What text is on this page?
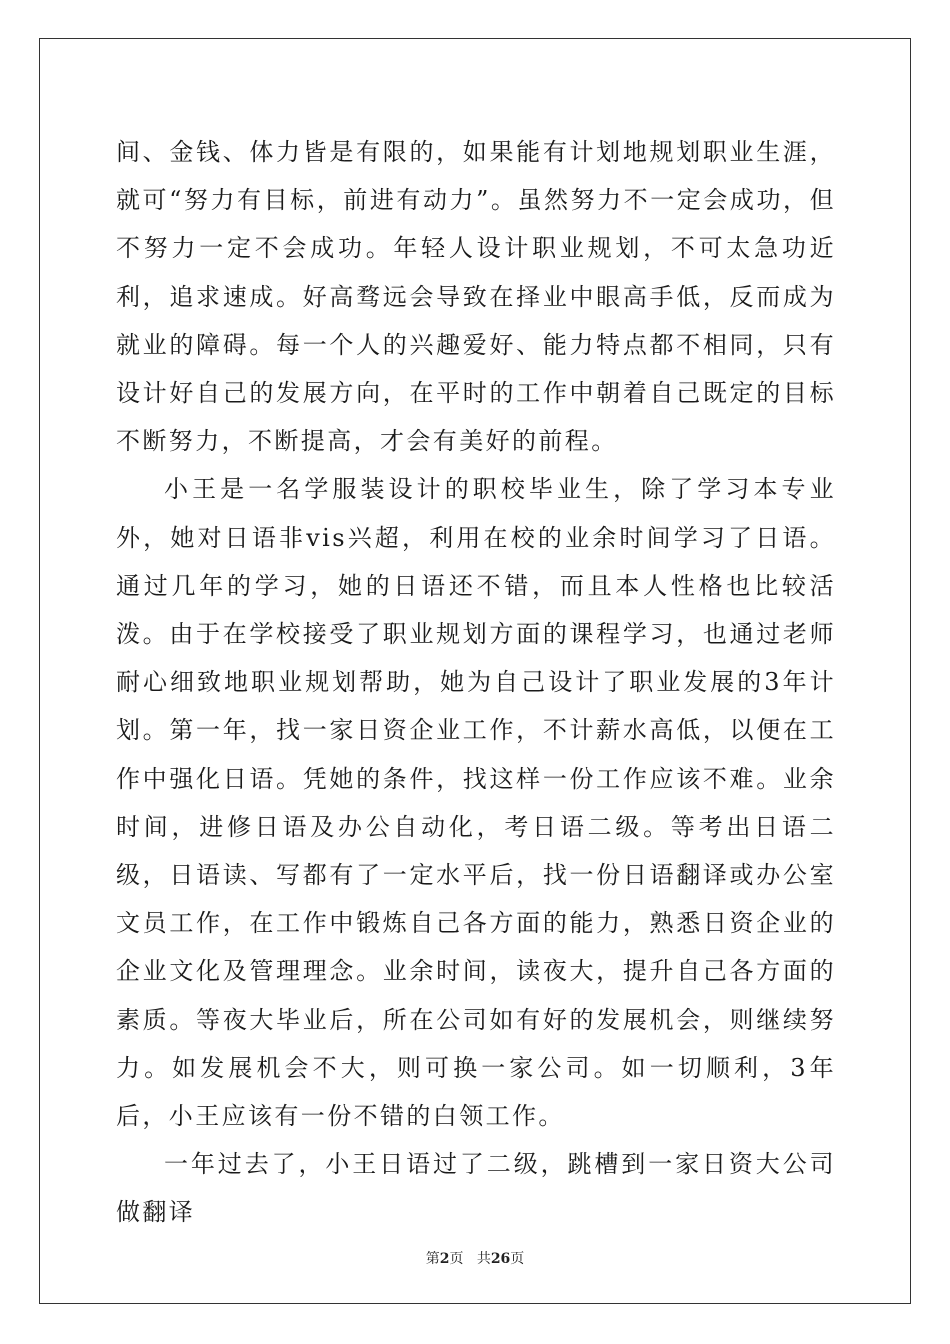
间、金钱、体力皆是有限的，如果能有计划地规划职业生涯，就可“努力有目标，前进有动力”。虽然努力不一定会成功，但不努力一定不会成功。年轻人设计职业规划，不可太急功近利，追求速成。好高骛远会导致在择业中眼高手低，反而成为就业的障碍。每一个人的兴趣爱好、能力特点都不相同，只有设计好自己的发展方向，在平时的工作中朝着自己既定的目标不断努力，不断提高，才会有美好的前程。

小王是一名学服装设计的职校毕业生，除了学习本专业外，她对日语非vis兴超，利用在校的业余时间学习了日语。通过几年的学习，她的日语还不错，而且本人性格也比较活泼。由于在学校接受了职业规划方面的课程学习，也通过老师耐心细致地职业规划帮助，她为自己设计了职业发展的3年计划。第一年，找一家日资企业工作，不计薪水高低，以便在工作中强化日语。凭她的条件，找这样一份工作应该不难。业余时间，进修日语及办公自动化，考日语二级。等考出日语二级，日语读、写都有了一定水平后，找一份日语翻译或办公室文员工作，在工作中锻炼自己各方面的能力，熟悉日资企业的企业文化及管理理念。业余时间，读夜大，提升自己各方面的素质。等夜大毕业后，所在公司如有好的发展机会，则继续努力。如发展机会不大，则可换一家公司。如一切顺利，3年后，小王应该有一份不错的白领工作。

一年过去了，小王日语过了二级，跳槽到一家日资大公司做翻译

第2页 共26页
